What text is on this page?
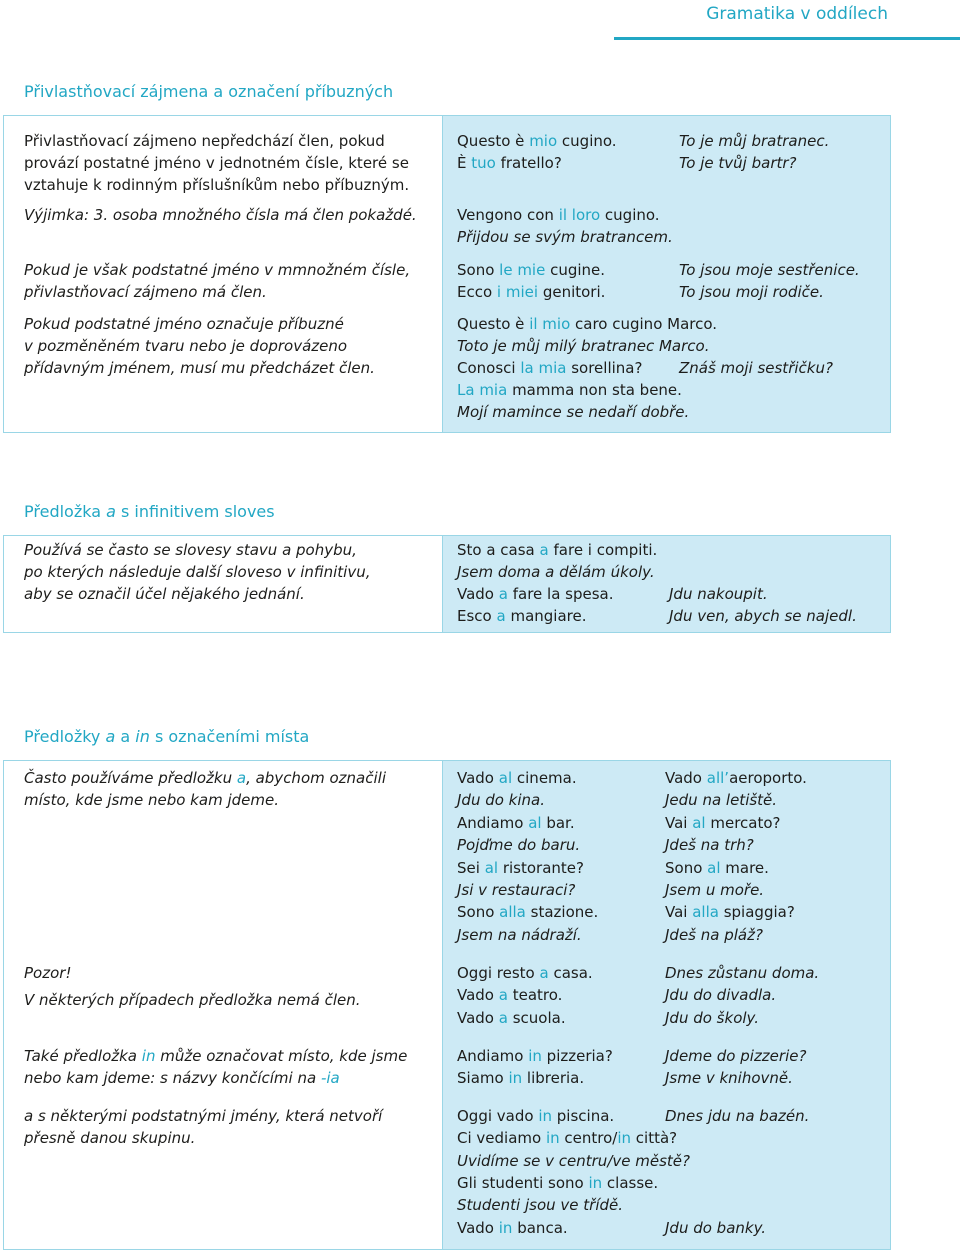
Gramatika v oddílech
Přivlastňovací zájmena a označení příbuzných
Přivlastňovací zájmeno nepředchází člen, pokud
provází postatné jméno v jednotném čísle, které se
vztahuje k rodinným příslušníkům nebo příbuzným.
Výjimka: 3. osoba množného čísla má člen pokaždé.
Pokud je však podstatné jméno v mmnožném čísle,
přivlastňovací zájmeno má člen.
Pokud podstatné jméno označuje příbuzné
v pozměněném tvaru nebo je doprovázeno
přídavným jménem, musí mu předcházet člen.
Questo è mio cugino.	To je můj bratranec.
È tuo fratello?	To je tvůj bartr?
Vengono con il loro cugino.
Přijdou se svým bratrancem.
Sono le mie cugine.	To jsou moje sestřenice.
Ecco i miei genitori.	To jsou moji rodiče.
Questo è il mio caro cugino Marco.
Toto je můj milý bratranec Marco.
Conosci la mia sorellina? Znáš moji sestřičku?
La mia mamma non sta bene.
Mojí mamince se nedaří dobře.
Předložka a s infinitivem sloves
Používá se často se slovesy stavu a pohybu,
po kterých následuje další sloveso v infinitivu,
aby se označil účel nějakého jednání.
Sto a casa a fare i compiti.
Jsem doma a dělám úkoly.
Vado a fare la spesa.	Jdu nakoupit.
Esco a mangiare.	Jdu ven, abych se najedl.
Předložky a a in s označeními místa
Často používáme předložku a, abychom označili
místo, kde jsme nebo kam jdeme.
Pozor!
V některých případech předložka nemá člen.
Také předložka in může označovat místo, kde jsme
nebo kam jdeme: s názvy končícími na -ia
a s některými podstatnými jmény, která netvoří
přesně danou skupinu.
Vado al cinema.	Vado all’aeroporto.
Jdu do kina.	Jedu na letiště.
Andiamo al bar.	Vai al mercato?
Pojďme do baru.	Jdeš na trh?
Sei al ristorante?	Sono al mare.
Jsi v restauraci?	Jsem u moře.
Sono alla stazione.	Vai alla spiaggia?
Jsem na nádraží.	Jdeš na pláž?
Oggi resto a casa.	Dnes zůstanu doma.
Vado a teatro.	Jdu do divadla.
Vado a scuola.	Jdu do školy.
Andiamo in pizzeria?	Jdeme do pizzerie?
Siamo in libreria.	Jsme v knihovně.
Oggi vado in piscina.	Dnes jdu na bazén.
Ci vediamo in centro/in città?
Uvidíme se v centru/ve městě?
Gli studenti sono in classe.
Studenti jsou ve třídě.
Vado in banca.	Jdu do banky.
